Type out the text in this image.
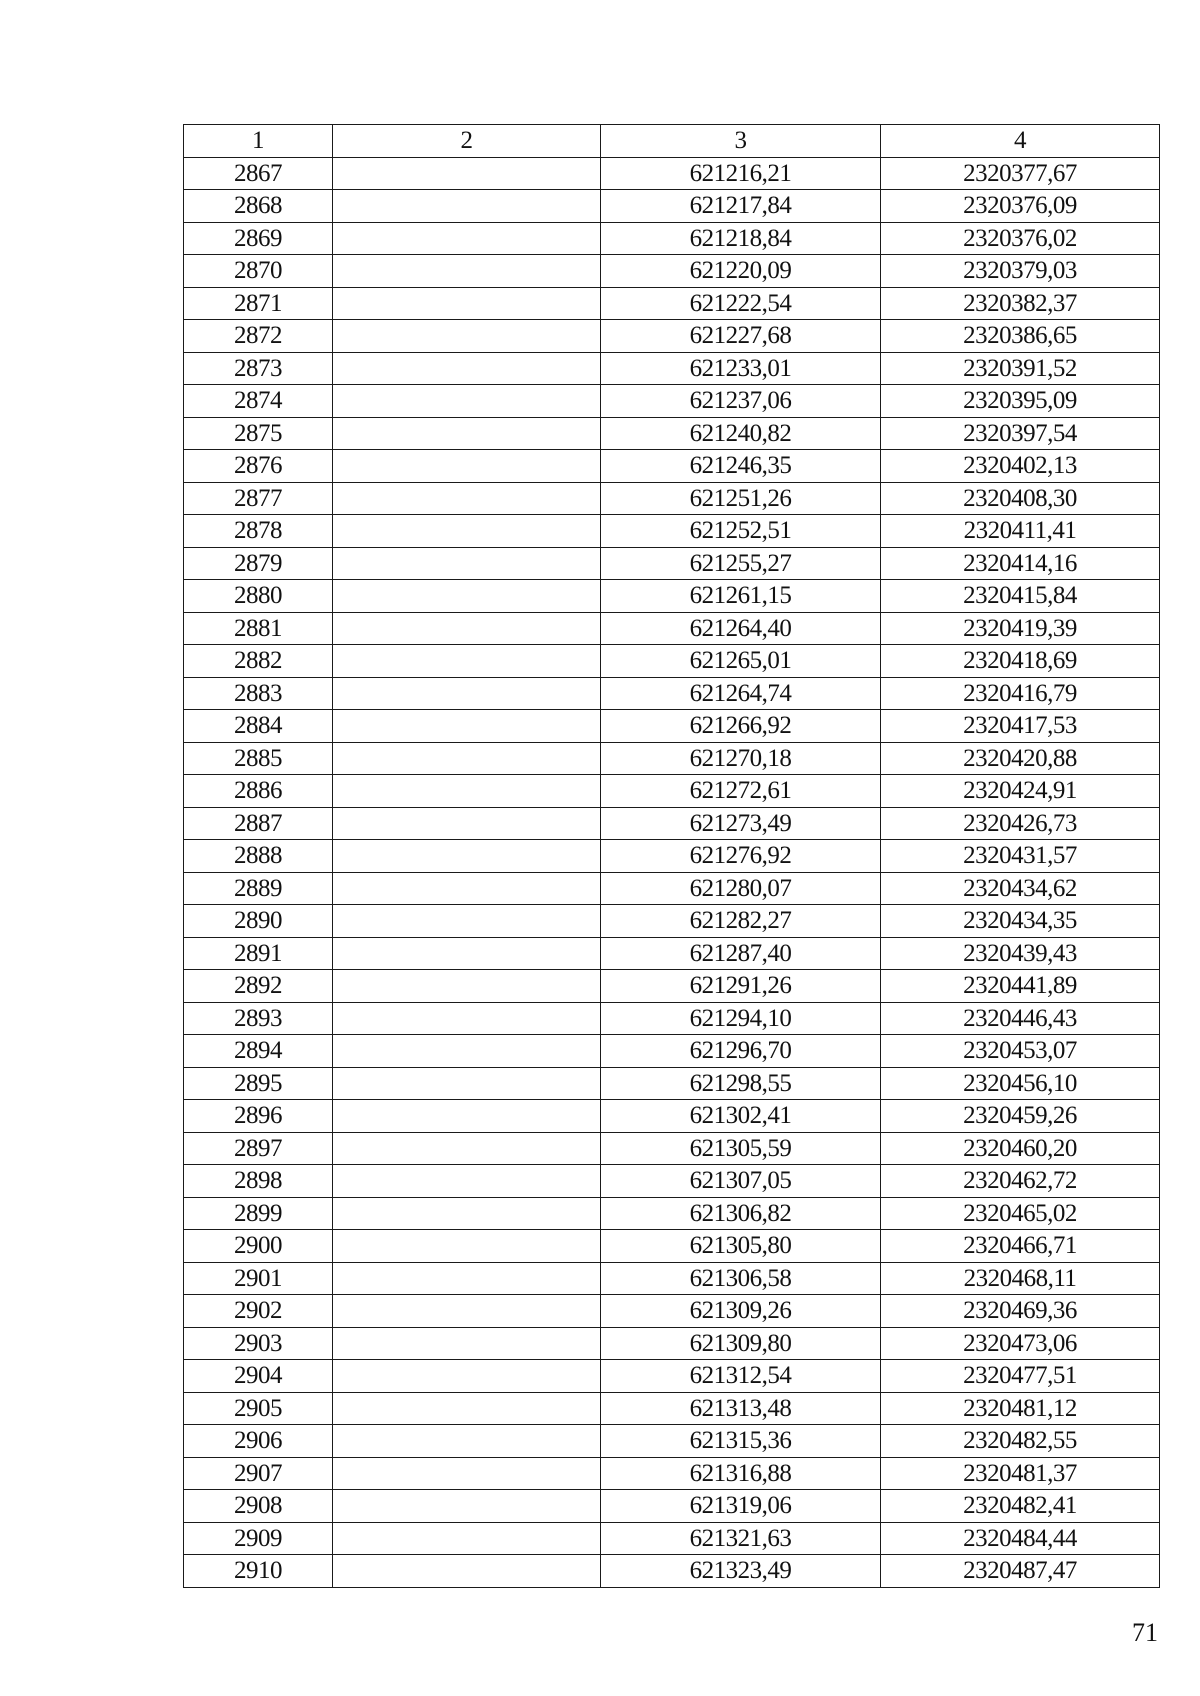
1	2	3	4
2867		621216,21	2320377,67
2868		621217,84	2320376,09
2869		621218,84	2320376,02
2870		621220,09	2320379,03
2871		621222,54	2320382,37
2872		621227,68	2320386,65
2873		621233,01	2320391,52
2874		621237,06	2320395,09
2875		621240,82	2320397,54
2876		621246,35	2320402,13
2877		621251,26	2320408,30
2878		621252,51	2320411,41
2879		621255,27	2320414,16
2880		621261,15	2320415,84
2881		621264,40	2320419,39
2882		621265,01	2320418,69
2883		621264,74	2320416,79
2884		621266,92	2320417,53
2885		621270,18	2320420,88
2886		621272,61	2320424,91
2887		621273,49	2320426,73
2888		621276,92	2320431,57
2889		621280,07	2320434,62
2890		621282,27	2320434,35
2891		621287,40	2320439,43
2892		621291,26	2320441,89
2893		621294,10	2320446,43
2894		621296,70	2320453,07
2895		621298,55	2320456,10
2896		621302,41	2320459,26
2897		621305,59	2320460,20
2898		621307,05	2320462,72
2899		621306,82	2320465,02
2900		621305,80	2320466,71
2901		621306,58	2320468,11
2902		621309,26	2320469,36
2903		621309,80	2320473,06
2904		621312,54	2320477,51
2905		621313,48	2320481,12
2906		621315,36	2320482,55
2907		621316,88	2320481,37
2908		621319,06	2320482,41
2909		621321,63	2320484,44
2910		621323,49	2320487,47
71
